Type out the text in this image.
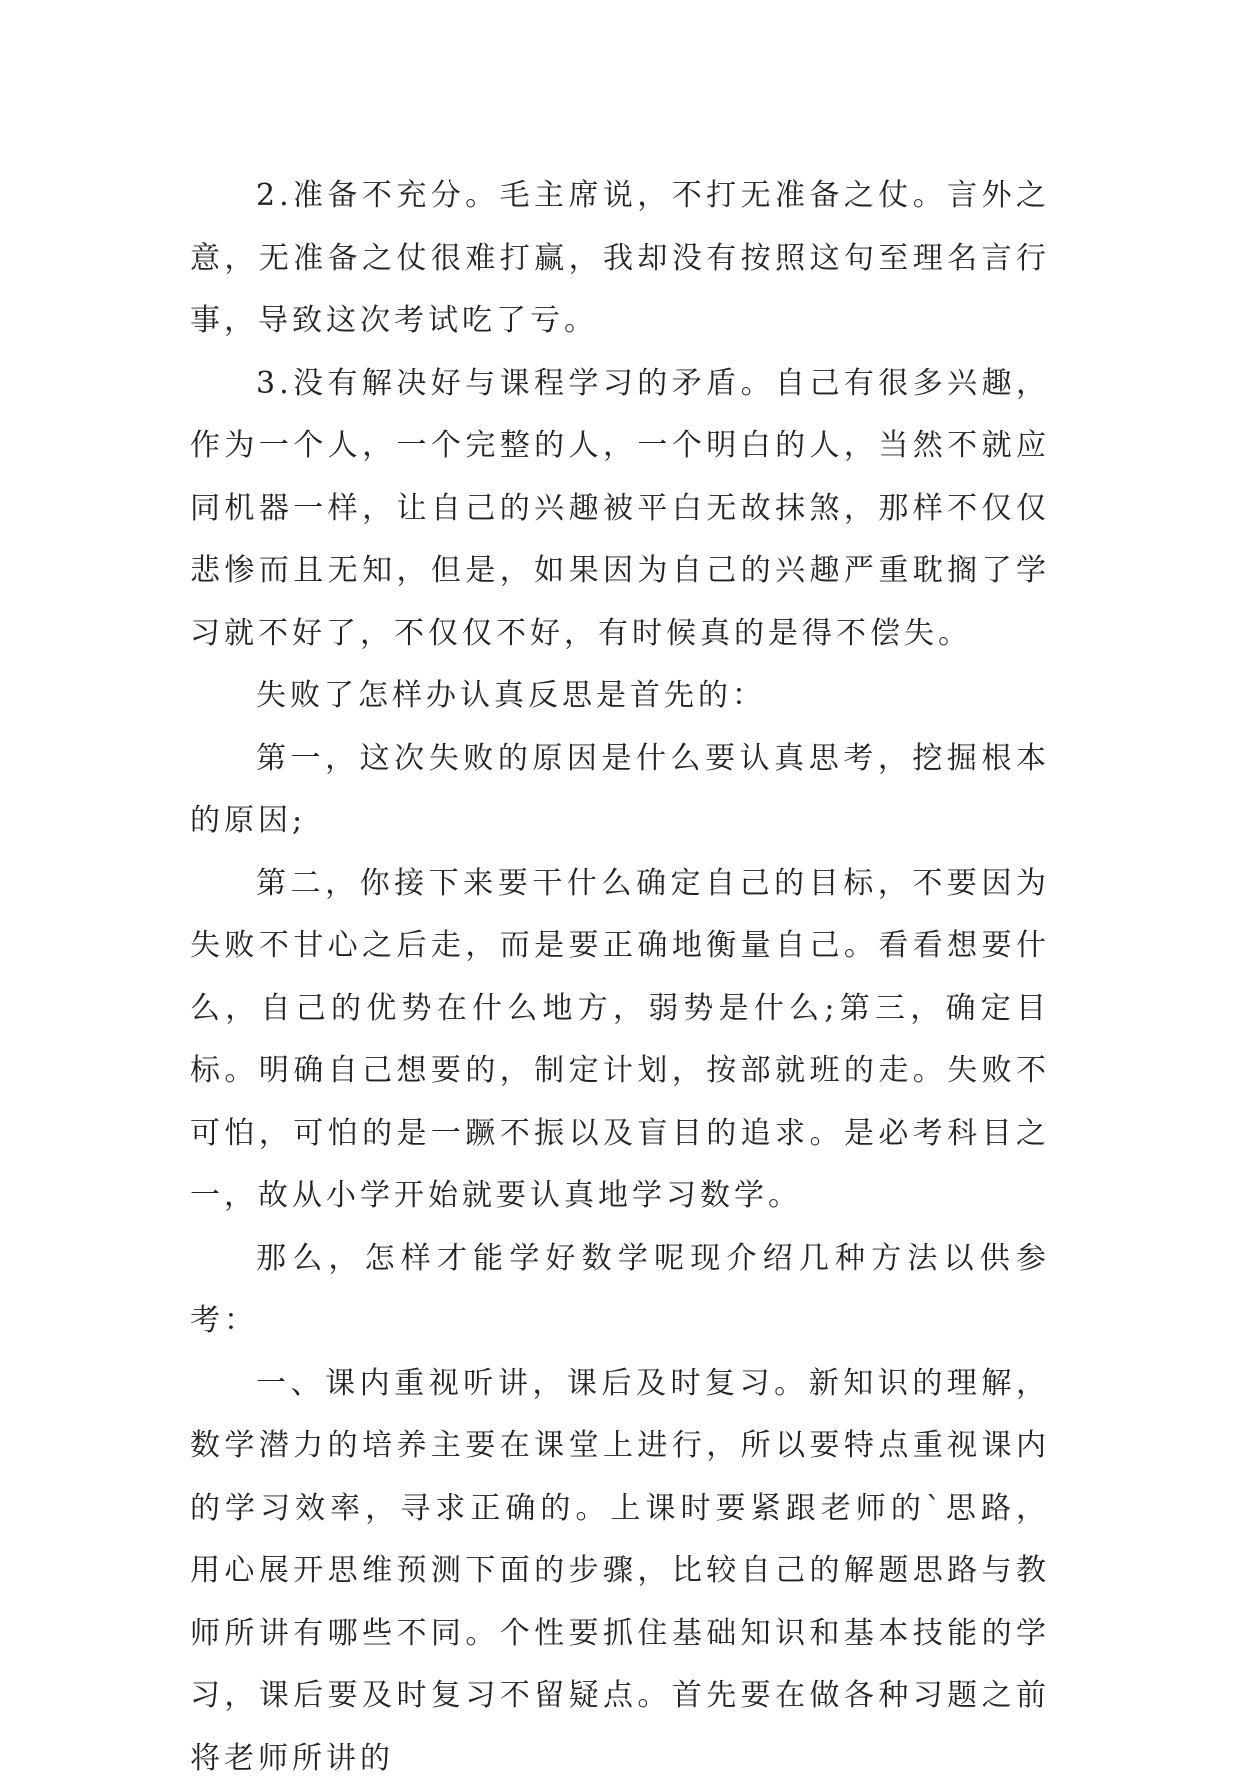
2.准备不充分。毛主席说，不打无准备之仗。言外之意，无准备之仗很难打赢，我却没有按照这句至理名言行事，导致这次考试吃了亏。

3.没有解决好与课程学习的矛盾。自己有很多兴趣，作为一个人，一个完整的人，一个明白的人，当然不就应同机器一样，让自己的兴趣被平白无故抹煞，那样不仅仅悲惨而且无知，但是，如果因为自己的兴趣严重耽搁了学习就不好了，不仅仅不好，有时候真的是得不偿失。

失败了怎样办认真反思是首先的：

第一，这次失败的原因是什么要认真思考，挖掘根本的原因;

第二，你接下来要干什么确定自己的目标，不要因为失败不甘心之后走，而是要正确地衡量自己。看看想要什么，自己的优势在什么地方，弱势是什么;第三，确定目标。明确自己想要的，制定计划，按部就班的走。失败不可怕，可怕的是一蹶不振以及盲目的追求。是必考科目之一，故从小学开始就要认真地学习数学。

那么，怎样才能学好数学呢现介绍几种方法以供参考：

一、课内重视听讲，课后及时复习。新知识的理解，数学潜力的培养主要在课堂上进行，所以要特点重视课内的学习效率，寻求正确的。上课时要紧跟老师的`思路，用心展开思维预测下面的步骤，比较自己的解题思路与教师所讲有哪些不同。个性要抓住基础知识和基本技能的学习，课后要及时复习不留疑点。首先要在做各种习题之前将老师所讲的
